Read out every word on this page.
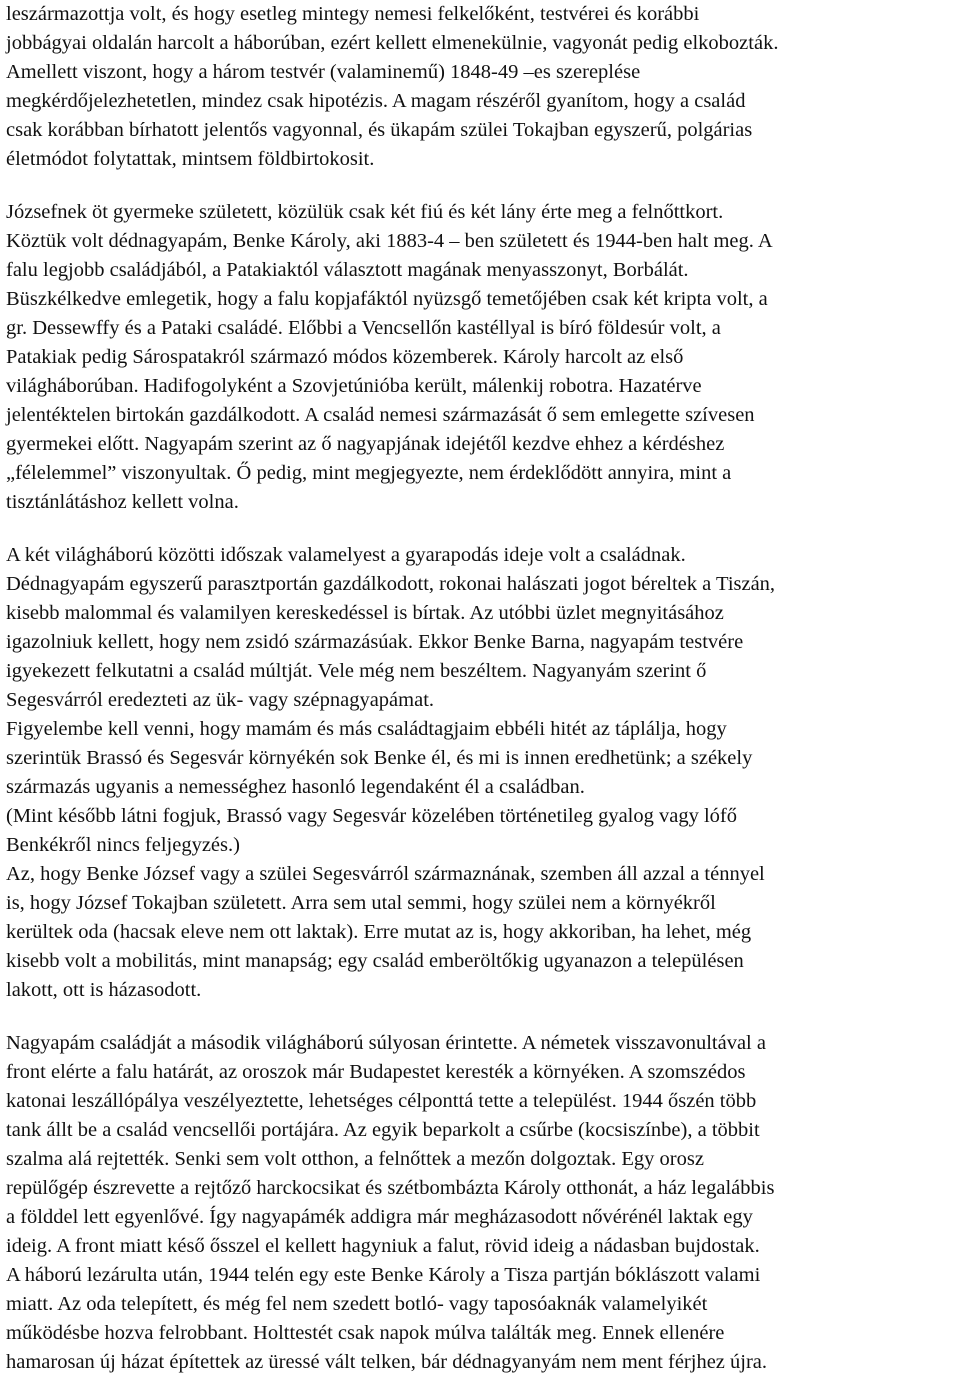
leszármazottja volt, és hogy esetleg mintegy nemesi felkelőként, testvérei és korábbi
jobbágyai oldalán harcolt a háborúban, ezért kellett elmenekülnie, vagyonát pedig elkobozták.
Amellett viszont, hogy a három testvér (valaminemű) 1848-49 –es szereplése
megkérdőjelezhetetlen, mindez csak hipotézis. A magam részéről gyanítom, hogy a család
csak korábban bírhatott jelentős vagyonnal, és ükapám szülei Tokajban egyszerű, polgárias
életmódot folytattak, mintsem földbirtokosit.
Józsefnek öt gyermeke született, közülük csak két fiú és két lány érte meg a felnőttkort.
Köztük volt dédnagyapám, Benke Károly, aki 1883-4 – ben született és 1944-ben halt meg. A
falu legjobb családjából, a Patakiaktól választott magának menyasszonyt, Borbálát.
Büszkélkedve emlegetik, hogy a falu kopjafáktól nyüzsgő temetőjében csak két kripta volt, a
gr. Dessewffy és a Pataki családé. Előbbi a Vencsellőn kastéllyal is bíró földesúr volt, a
Patakiak pedig Sárospatakról származó módos közemberek. Károly harcolt az első
világháborúban. Hadifogolyként a Szovjetúnióba került, málenkij robotra. Hazatérve
jelentéktelen birtokán gazdálkodott. A család nemesi származását ő sem emlegette szívesen
gyermekei előtt. Nagyapám szerint az ő nagyapjának idejétől kezdve ehhez a kérdéshez
„félelemmel” viszonyultak. Ő pedig, mint megjegyezte, nem érdeklődött annyira, mint a
tisztánlátáshoz kellett volna.
A két világháború közötti időszak valamelyest a gyarapodás ideje volt a családnak.
Dédnagyapám egyszerű parasztportán gazdálkodott, rokonai halászati jogot béreltek a Tiszán,
kisebb malommal és valamilyen kereskedéssel is bírtak. Az utóbbi üzlet megnyitásához
igazolniuk kellett, hogy nem zsidó származásúak. Ekkor Benke Barna, nagyapám testvére
igyekezett felkutatni a család múltját. Vele még nem beszéltem. Nagyanyám szerint ő
Segesvárról eredezteti az ük- vagy szépnagyapámat.
Figyelembe kell venni, hogy mamám és más családtagjaim ebbéli hitét az táplálja, hogy
szerintük Brassó és Segesvár környékén sok Benke él, és mi is innen eredhetünk; a székely
származás ugyanis a nemességhez hasonló legendaként él a családban.
(Mint később látni fogjuk, Brassó vagy Segesvár közelében történetileg gyalog vagy lófő
Benkékről nincs feljegyzés.)
Az, hogy Benke József vagy a szülei Segesvárról származnának, szemben áll azzal a ténnyel
is, hogy József Tokajban született. Arra sem utal semmi, hogy szülei nem a környékről
kerültek oda (hacsak eleve nem ott laktak). Erre mutat az is, hogy akkoriban, ha lehet, még
kisebb volt a mobilitás, mint manapság; egy család emberöltőkig ugyanazon a településen
lakott, ott is házasodott.
Nagyapám családját a második világháború súlyosan érintette. A németek visszavonultával a
front elérte a falu határát, az oroszok már Budapestet keresték a környéken. A szomszédos
katonai leszállópálya veszélyeztette, lehetséges célponttá tette a települést. 1944 őszén több
tank állt be a család vencsellői portájára. Az egyik beparkolt a csűrbe (kocsiszínbe), a többit
szalma alá rejtették. Senki sem volt otthon, a felnőttek a mezőn dolgoztak. Egy orosz
repülőgép észrevette a rejtőző harckocsikat és szétbombázta Károly otthonát, a ház legalábbis
a földdel lett egyenlővé. Így nagyapámék addigra már megházasodott nővérénél laktak egy
ideig. A front miatt késő ősszel el kellett hagyniuk a falut, rövid ideig a nádasban bujdostak.
A háború lezárulta után, 1944 telén egy este Benke Károly a Tisza partján bóklászott valami
miatt. Az oda telepített, és még fel nem szedett botló- vagy taposóaknák valamelyikét
működésbe hozva felrobbant. Holttestét csak napok múlva találták meg. Ennek ellenére
hamarosan új házat építettek az üressé vált telken, bár dédnagyanyám nem ment férjhez újra.
